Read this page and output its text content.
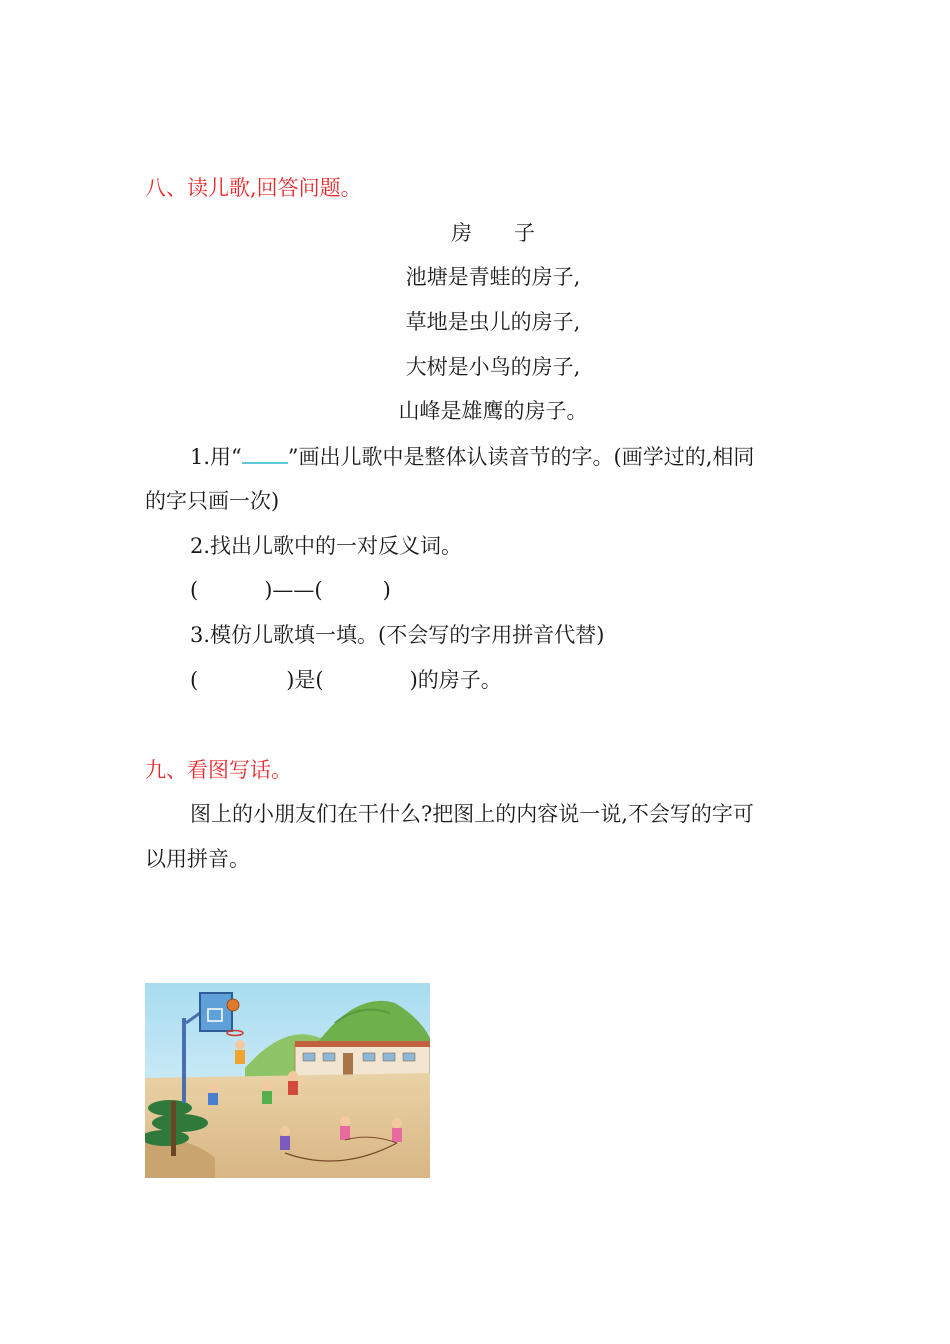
八、读儿歌,回答问题。
房　　子
池塘是青蛙的房子,
草地是虫儿的房子,
大树是小鸟的房子,
山峰是雄鹰的房子。
1.用“ ”画出儿歌中是整体认读音节的字。(画学过的,相同
的字只画一次)
2.找出儿歌中的一对反义词。
(	)——(	)
3.模仿儿歌填一填。(不会写的字用拼音代替)
(	)是(	)的房子。
九、看图写话。
图上的小朋友们在干什么?把图上的内容说一说,不会写的字可
以用拼音。
